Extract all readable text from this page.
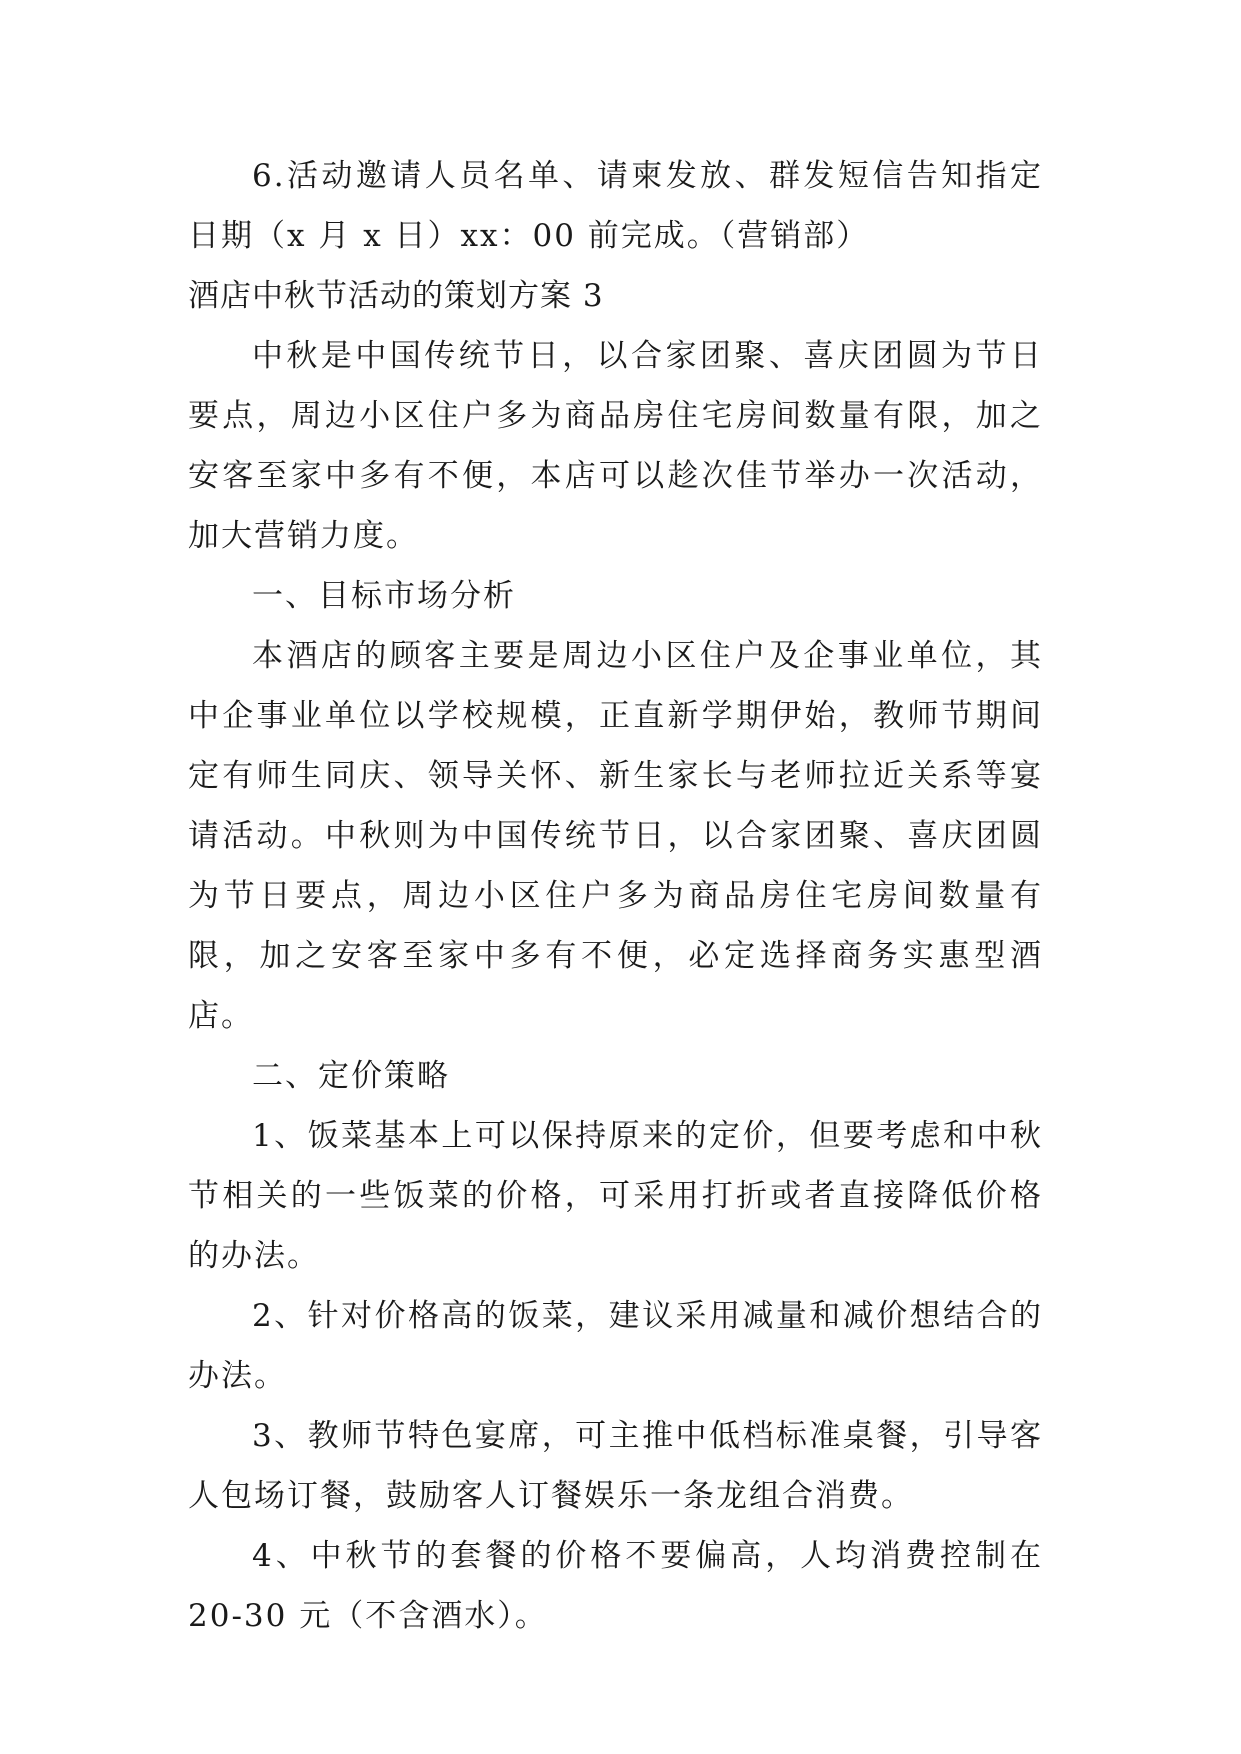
6.活动邀请人员名单、请柬发放、群发短信告知指定日期（x 月 x 日）xx：00 前完成。（营销部）

酒店中秋节活动的策划方案 3

中秋是中国传统节日，以合家团聚、喜庆团圆为节日要点，周边小区住户多为商品房住宅房间数量有限，加之安客至家中多有不便，本店可以趁次佳节举办一次活动，加大营销力度。

一、目标市场分析

本酒店的顾客主要是周边小区住户及企事业单位，其中企事业单位以学校规模，正直新学期伊始，教师节期间定有师生同庆、领导关怀、新生家长与老师拉近关系等宴请活动。中秋则为中国传统节日，以合家团聚、喜庆团圆为节日要点，周边小区住户多为商品房住宅房间数量有限，加之安客至家中多有不便，必定选择商务实惠型酒店。

二、定价策略

1、饭菜基本上可以保持原来的定价，但要考虑和中秋节相关的一些饭菜的价格，可采用打折或者直接降低价格的办法。

2、针对价格高的饭菜，建议采用减量和减价想结合的办法。

3、教师节特色宴席，可主推中低档标准桌餐，引导客人包场订餐，鼓励客人订餐娱乐一条龙组合消费。

4、中秋节的套餐的价格不要偏高，人均消费控制在 20-30 元（不含酒水）。
